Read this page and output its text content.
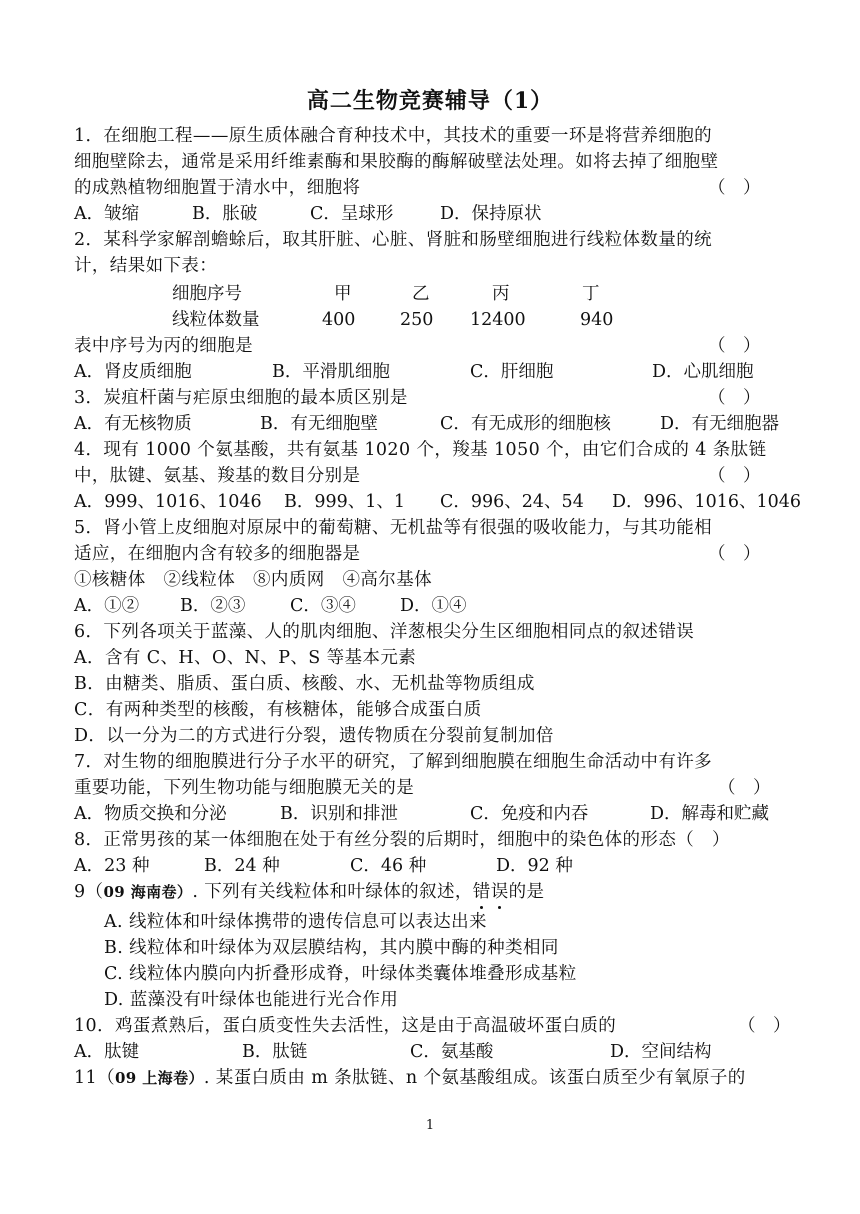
高二生物竞赛辅导（1）
1．在细胞工程——原生质体融合育种技术中，其技术的重要一环是将营养细胞的
细胞壁除去，通常是采用纤维素酶和果胶酶的酶解破壁法处理。如将去掉了细胞壁
的成熟植物细胞置于清水中，细胞将	（　）
A．皱缩	B．胀破	C．呈球形	D．保持原状
2．某科学家解剖蟾蜍后，取其肝脏、心脏、肾脏和肠壁细胞进行线粒体数量的统
计，结果如下表：
细胞序号	甲	乙	丙	丁
线粒体数量	400	250 12400	940
表中序号为丙的细胞是	（　）
A．肾皮质细胞	B．平滑肌细胞	C．肝细胞	D．心肌细胞
3．炭疽杆菌与疟原虫细胞的最本质区别是	（　）
A．有无核物质	B．有无细胞壁	C．有无成形的细胞核	D．有无细胞器
4．现有 1000 个氨基酸，共有氨基 1020 个，羧基 1050 个，由它们合成的 4 条肽链
中，肽键、氨基、羧基的数目分别是	（　）
A．999、1016、1046 B．999、1、1 C．996、24、54 D．996、1016、1046
5．肾小管上皮细胞对原尿中的葡萄糖、无机盐等有很强的吸收能力，与其功能相
适应，在细胞内含有较多的细胞器是	（　）
①核糖体　②线粒体　⑧内质网　④高尔基体
A．①② B．②③	C．③④	D．①④
6．下列各项关于蓝藻、人的肌肉细胞、洋葱根尖分生区细胞相同点的叙述错误
A．含有 C、H、O、N、P、S 等基本元素
B．由糖类、脂质、蛋白质、核酸、水、无机盐等物质组成
C．有两种类型的核酸，有核糖体，能够合成蛋白质
D．以一分为二的方式进行分裂，遗传物质在分裂前复制加倍
7．对生物的细胞膜进行分子水平的研究，了解到细胞膜在细胞生命活动中有许多
重要功能，下列生物功能与细胞膜无关的是	（　）
A．物质交换和分泌	B．识别和排泄	C．免疫和内吞	D．解毒和贮藏
8．正常男孩的某一体细胞在处于有丝分裂的后期时，细胞中的染色体的形态（　）
A．23 种	B．24 种	C．46 种	D．92 种
9（09 海南卷）. 下列有关线粒体和叶绿体的叙述，错误的是
A. 线粒体和叶绿体携带的遗传信息可以表达出来
B. 线粒体和叶绿体为双层膜结构，其内膜中酶的种类相同
C. 线粒体内膜向内折叠形成脊，叶绿体类囊体堆叠形成基粒
D. 蓝藻没有叶绿体也能进行光合作用
10．鸡蛋煮熟后，蛋白质变性失去活性，这是由于高温破坏蛋白质的	（　）
A．肽键	B．肽链	C．氨基酸	D．空间结构
11（09 上海卷）. 某蛋白质由 m 条肽链、n 个氨基酸组成。该蛋白质至少有氧原子的
1
